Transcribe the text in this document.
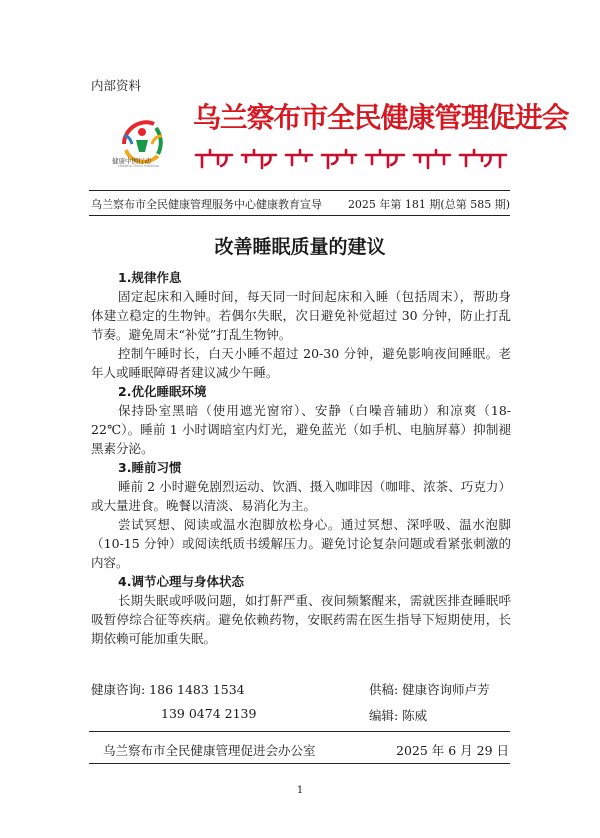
内部资料
健康中国行动
Healthy China Initiative
乌兰察布市全民健康管理促进会
乌兰察布市全民健康管理服务中心健康教育宣导 2025 年第 181 期(总第 585 期)
改善睡眠质量的建议
1.规律作息

固定起床和入睡时间，每天同一时间起床和入睡（包括周末），帮助身体建立稳定的生物钟。若偶尔失眠，次日避免补觉超过 30 分钟，防止打乱节奏。避免周末“补觉”打乱生物钟。

控制午睡时长，白天小睡不超过 20-30 分钟，避免影响夜间睡眠。老年人或睡眠障碍者建议减少午睡。

2.优化睡眠环境

保持卧室黑暗（使用遮光窗帘）、安静（白噪音辅助）和凉爽（18-22℃）。睡前 1 小时调暗室内灯光，避免蓝光（如手机、电脑屏幕）抑制褪黑素分泌。

3.睡前习惯

睡前 2 小时避免剧烈运动、饮酒、摄入咖啡因（咖啡、浓茶、巧克力）或大量进食。晚餐以清淡、易消化为主。

尝试冥想、阅读或温水泡脚放松身心。通过冥想、深呼吸、温水泡脚（10-15 分钟）或阅读纸质书缓解压力。避免讨论复杂问题或看紧张刺激的内容。

4.调节心理与身体状态

长期失眠或呼吸问题，如打鼾严重、夜间频繁醒来，需就医排查睡眠呼吸暂停综合征等疾病。避免依赖药物，安眠药需在医生指导下短期使用，长期依赖可能加重失眠。

健康咨询: 186 1483 1534
139 0474 2139
供稿: 健康咨询师卢芳
编辑: 陈威
乌兰察布市全民健康管理促进会办公室	2025 年 6 月 29 日
1
